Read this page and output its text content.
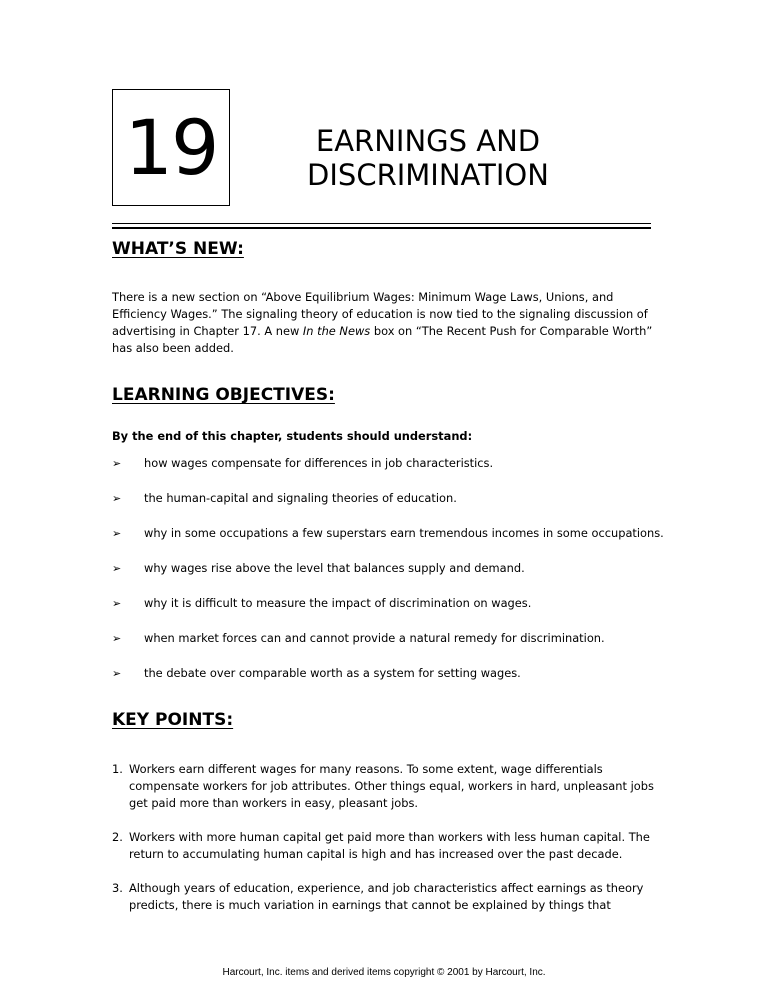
19	EARNINGS AND
DISCRIMINATION
WHAT’S NEW:
There is a new section on “Above Equilibrium Wages: Minimum Wage Laws, Unions, and Efficiency Wages.” The signaling theory of education is now tied to the signaling discussion of advertising in Chapter 17. A new In the News box on “The Recent Push for Comparable Worth” has also been added.
LEARNING OBJECTIVES:
By the end of this chapter, students should understand:
➢ how wages compensate for differences in job characteristics.
➢ the human-capital and signaling theories of education.
➢ why in some occupations a few superstars earn tremendous incomes in some occupations.
➢ why wages rise above the level that balances supply and demand.
➢ why it is difficult to measure the impact of discrimination on wages.
➢ when market forces can and cannot provide a natural remedy for discrimination.
➢ the debate over comparable worth as a system for setting wages.
KEY POINTS:
1. Workers earn different wages for many reasons. To some extent, wage differentials compensate workers for job attributes. Other things equal, workers in hard, unpleasant jobs get paid more than workers in easy, pleasant jobs.
2. Workers with more human capital get paid more than workers with less human capital. The return to accumulating human capital is high and has increased over the past decade.
3. Although years of education, experience, and job characteristics affect earnings as theory predicts, there is much variation in earnings that cannot be explained by things that
Harcourt, Inc. items and derived items copyright © 2001 by Harcourt, Inc.
